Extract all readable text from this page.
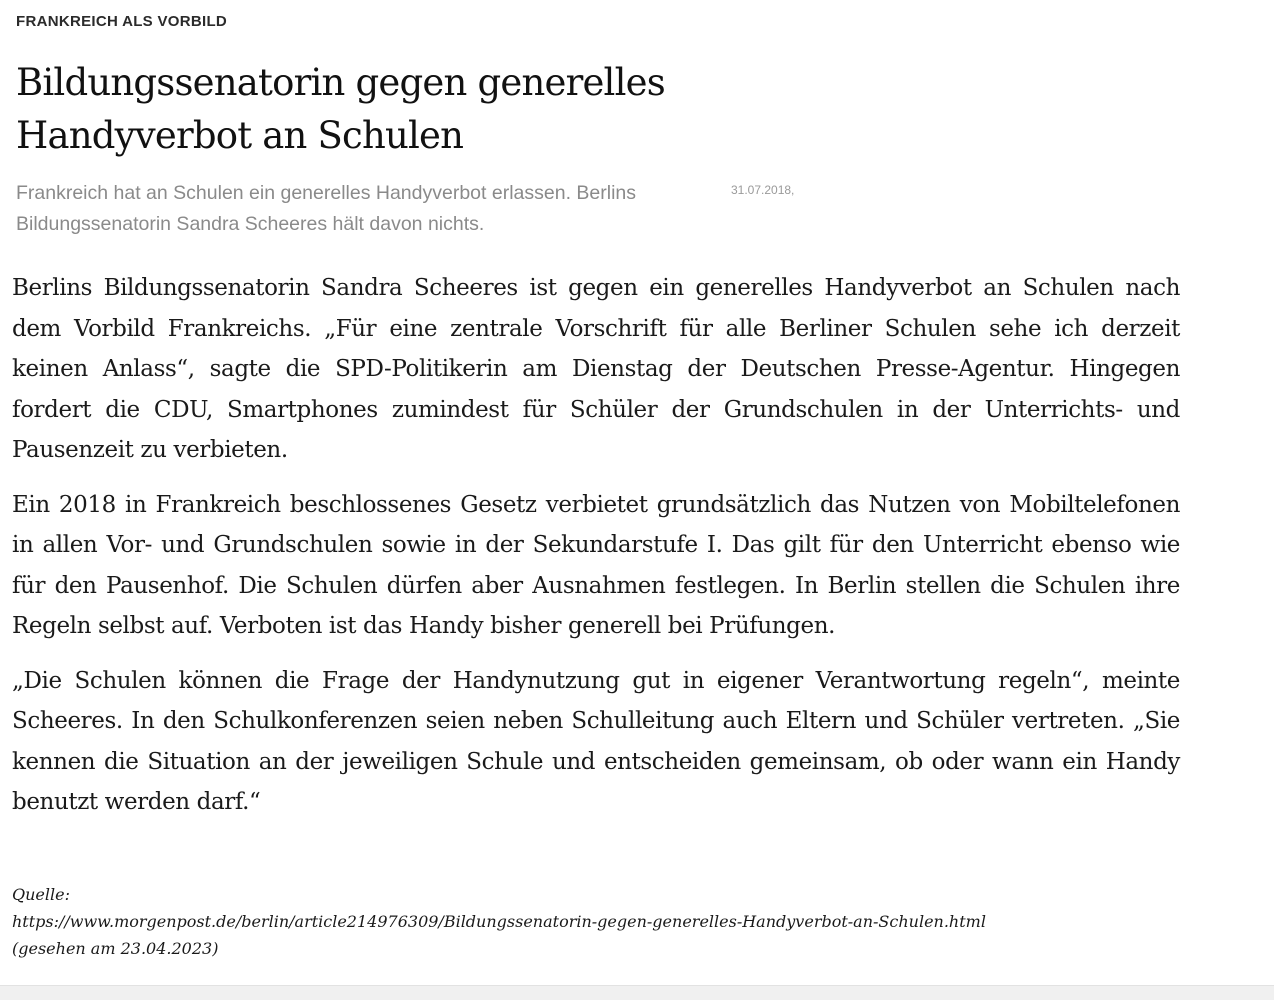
FRANKREICH ALS VORBILD
Bildungssenatorin gegen generelles Handyverbot an Schulen

Frankreich hat an Schulen ein generelles Handyverbot erlassen. Berlins Bildungssenatorin Sandra Scheeres hält davon nichts.

31.07.2018,

Berlins Bildungssenatorin Sandra Scheeres ist gegen ein generelles Handyverbot an Schulen nach dem Vorbild Frankreichs. „Für eine zentrale Vorschrift für alle Berliner Schulen sehe ich derzeit keinen Anlass“, sagte die SPD-Politikerin am Dienstag der Deutschen Presse-Agentur. Hingegen fordert die CDU, Smartphones zumindest für Schüler der Grundschulen in der Unterrichts- und Pausenzeit zu verbieten.

Ein 2018 in Frankreich beschlossenes Gesetz verbietet grundsätzlich das Nutzen von Mobiltelefonen in allen Vor- und Grundschulen sowie in der Sekundarstufe I. Das gilt für den Unterricht ebenso wie für den Pausenhof. Die Schulen dürfen aber Ausnahmen festlegen. In Berlin stellen die Schulen ihre Regeln selbst auf. Verboten ist das Handy bisher generell bei Prüfungen.

„Die Schulen können die Frage der Handynutzung gut in eigener Verantwortung regeln“, meinte Scheeres. In den Schulkonferenzen seien neben Schulleitung auch Eltern und Schüler vertreten. „Sie kennen die Situation an der jeweiligen Schule und entscheiden gemeinsam, ob oder wann ein Handy benutzt werden darf.“

Quelle:
https://www.morgenpost.de/berlin/article214976309/Bildungssenatorin-gegen-generelles-Handyverbot-an-Schulen.html
(gesehen am 23.04.2023)
